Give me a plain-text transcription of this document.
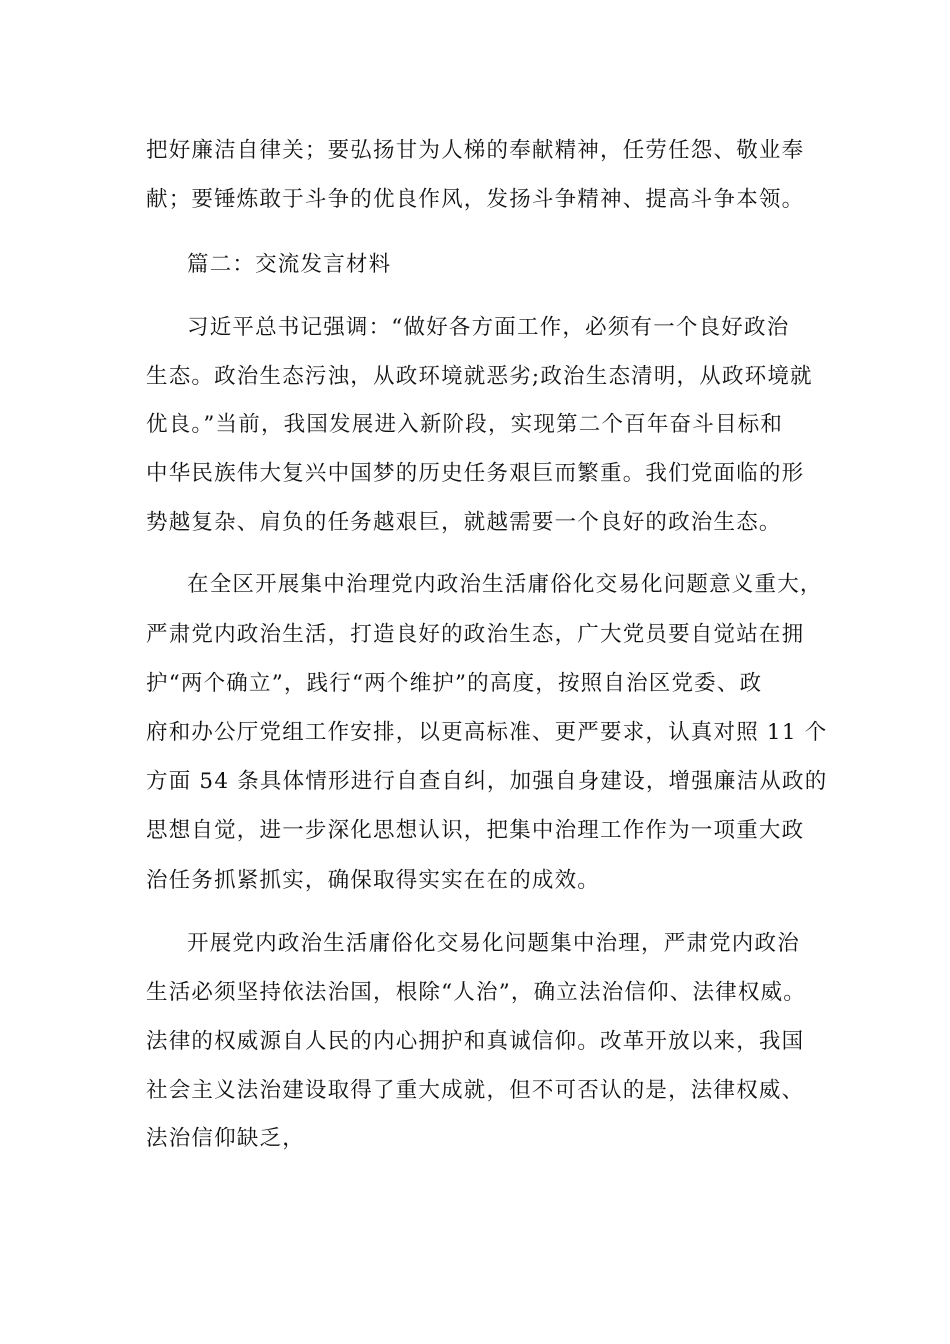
把好廉洁自律关；要弘扬甘为人梯的奉献精神，任劳任怨、敬业奉
献；要锤炼敢于斗争的优良作风，发扬斗争精神、提高斗争本领。
篇二：交流发言材料
习近平总书记强调：“做好各方面工作，必须有一个良好政治
生态。政治生态污浊，从政环境就恶劣;政治生态清明，从政环境就
优良。”当前，我国发展进入新阶段，实现第二个百年奋斗目标和
中华民族伟大复兴中国梦的历史任务艰巨而繁重。我们党面临的形
势越复杂、肩负的任务越艰巨，就越需要一个良好的政治生态。
在全区开展集中治理党内政治生活庸俗化交易化问题意义重大，
严肃党内政治生活，打造良好的政治生态，广大党员要自觉站在拥
护“两个确立”，践行“两个维护”的高度，按照自治区党委、政
府和办公厅党组工作安排，以更高标准、更严要求，认真对照 11 个
方面 54 条具体情形进行自查自纠，加强自身建设，增强廉洁从政的
思想自觉，进一步深化思想认识，把集中治理工作作为一项重大政
治任务抓紧抓实，确保取得实实在在的成效。
开展党内政治生活庸俗化交易化问题集中治理，严肃党内政治
生活必须坚持依法治国，根除“人治”，确立法治信仰、法律权威。
法律的权威源自人民的内心拥护和真诚信仰。改革开放以来，我国
社会主义法治建设取得了重大成就，但不可否认的是，法律权威、
法治信仰缺乏，
